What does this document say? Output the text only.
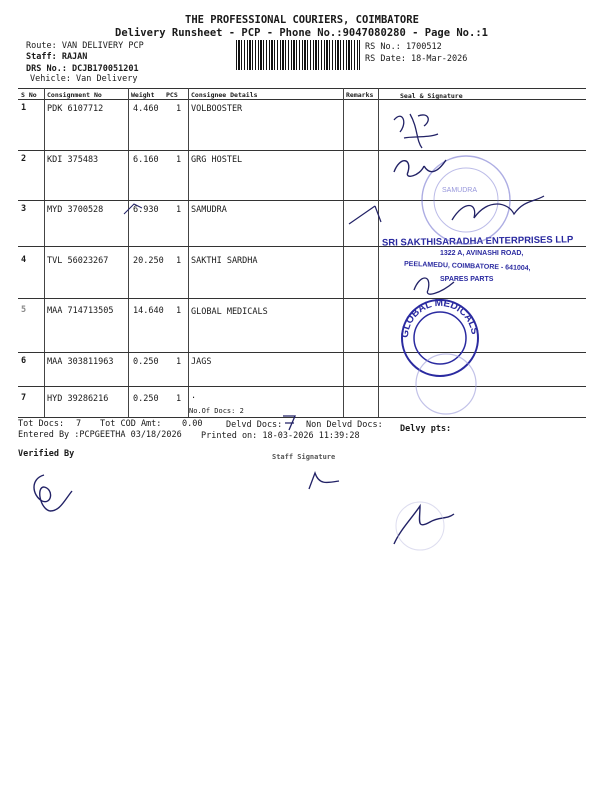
THE PROFESSIONAL COURIERS, COIMBATORE
Delivery Runsheet - PCP - Phone No.:9047080280 - Page No.:1
Route: VAN DELIVERY PCP
Staff: RAJAN
DRS No.: DCJB170051201
Vehicle: Van Delivery
RS No.: 1700512
RS Date: 18-Mar-2026
S No Consignment No	Weight PCS Consignee Details	Remarks	Seal & Signature
1 PDK 6107712	4.460 1 VOLBOOSTER
2 KDI 375483	6.160 1 GRG HOSTEL
3 MYD 3700528	6.930 1 SAMUDRA
4 TVL 56023267	20.250 1 SAKTHI SARDHA
5 MAA 714713505 14.640 1 GLOBAL MEDICALS
6 MAA 303811963 0.250 1 JAGS
7 HYD 39286216	0.250 1 .
No.Of Docs: 2
Tot Docs: 7 Tot COD Amt: 0.00	Delvd Docs:	Non Delvd Docs: Delvy pts:
Entered By :PCPGEETHA 03/18/2026 Printed on: 18-03-2026 11:39:28
Verified By	Staff Signature
SRI SAKTHISARADHA ENTERPRISES LLP
1322 A, AVINASHI ROAD,
PEELAMEDU, COIMBATORE - 641004,
SPARES PARTS
SAMUDRA
GLOBAL MEDICALS
